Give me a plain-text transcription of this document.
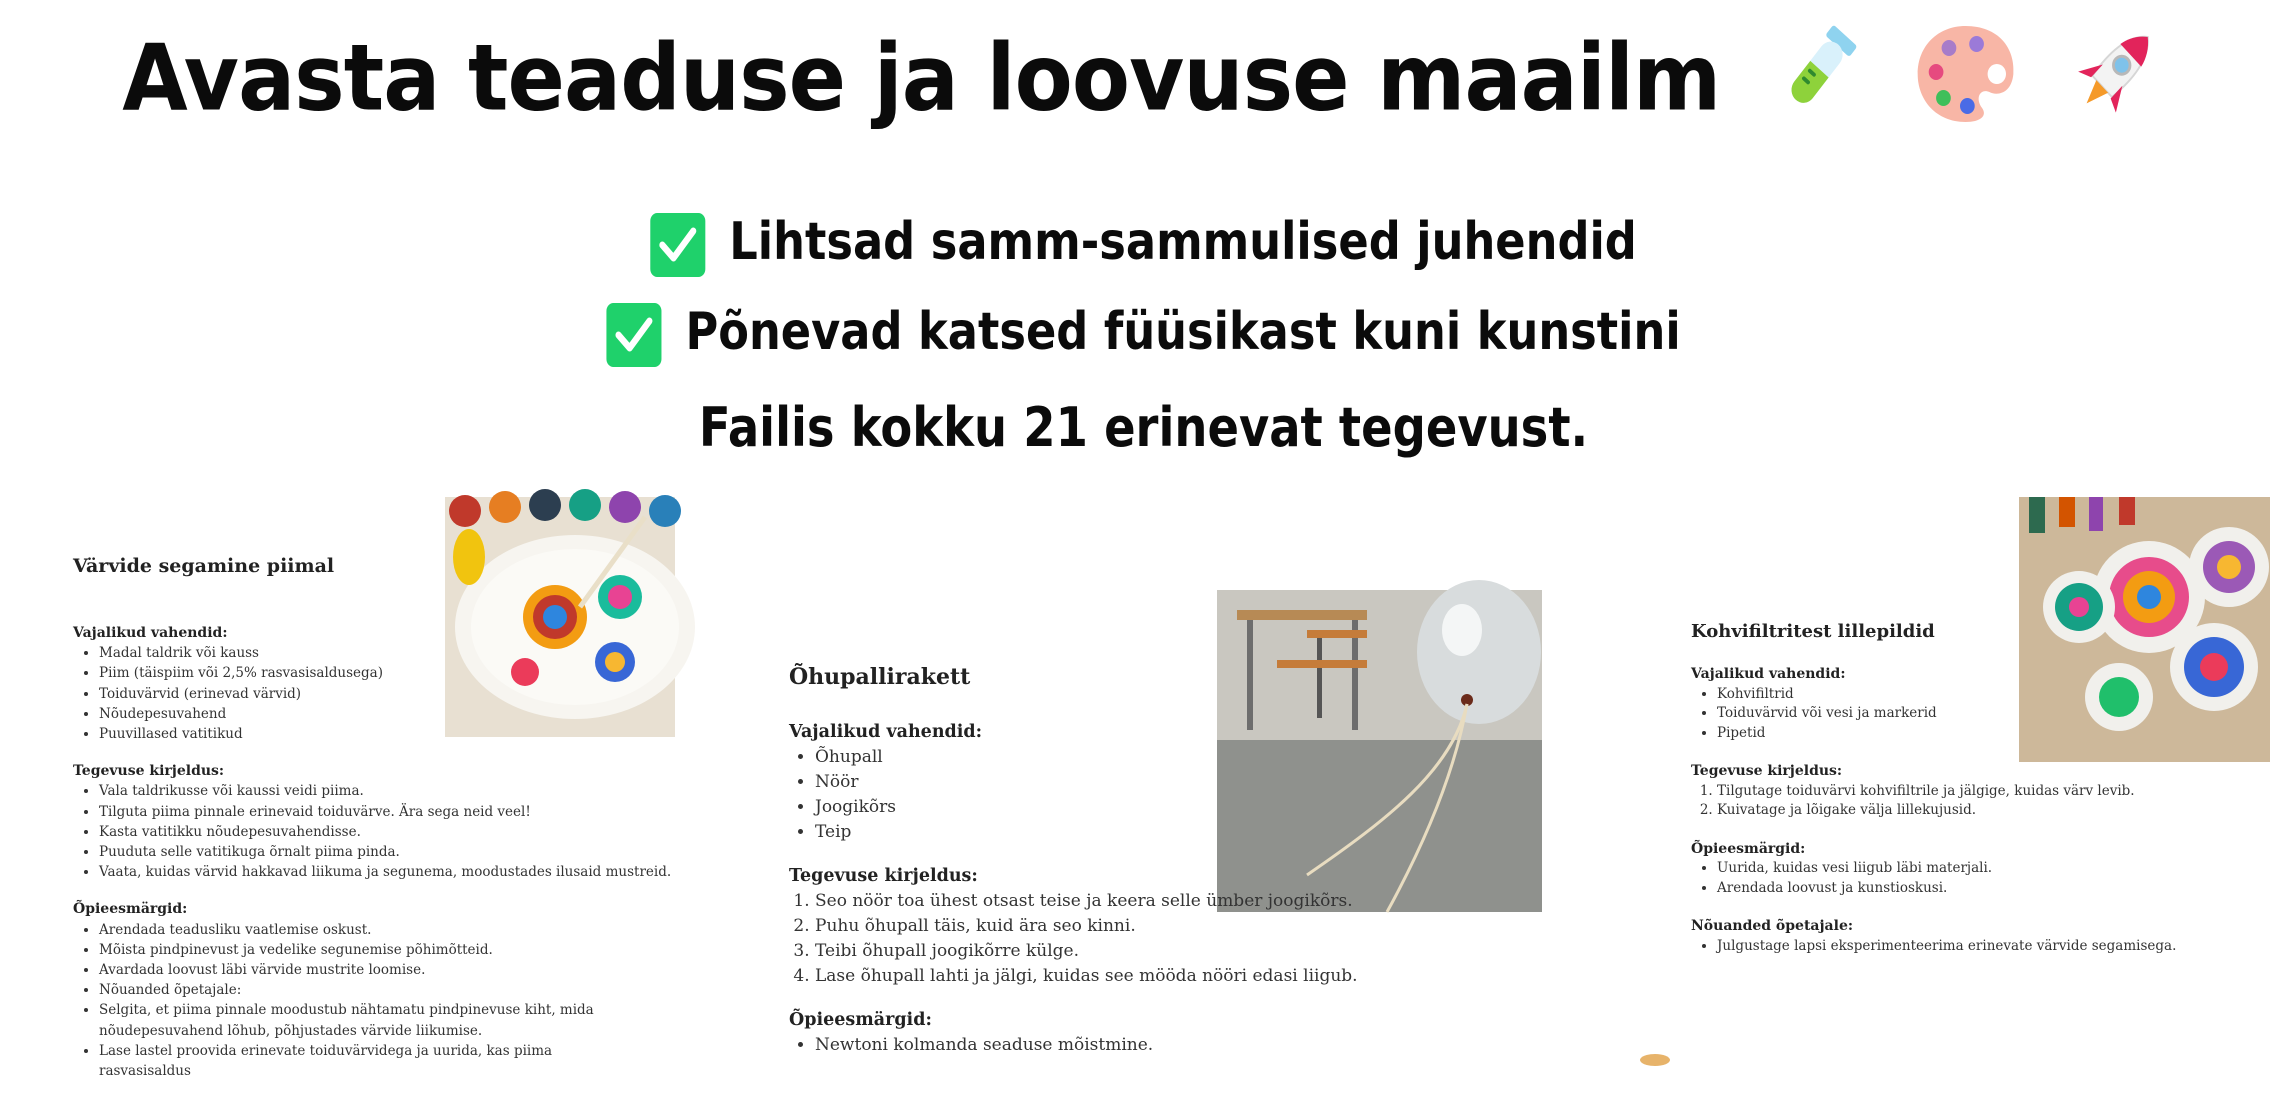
Avasta teaduse ja loovuse maailm
Lihtsad samm-sammulised juhendid
Põnevad katsed füüsikast kuni kunstini
Failis kokku 21 erinevat tegevust.
Värvide segamine piimal
Vajalikud vahendid:
• Madal taldrik või kauss
• Piim (täispiim või 2,5% rasvasisaldusega)
• Toiduvärvid (erinevad värvid)
• Nõudepesuvahend
• Puuvillased vatitikud
Tegevuse kirjeldus:
• Vala taldrikusse või kaussi veidi piima.
• Tilguta piima pinnale erinevaid toiduvärve. Ära sega neid veel!
• Kasta vatitikku nõudepesuvahendisse.
• Puuduta selle vatitikuga õrnalt piima pinda.
• Vaata, kuidas värvid hakkavad liikuma ja segunema, moodustades ilusaid mustreid.
Õpieesmärgid:
• Arendada teadusliku vaatlemise oskust.
• Mõista pindpinevust ja vedelike segunemise põhimõtteid.
• Avardada loovust läbi värvide mustrite loomise.
• Nõuanded õpetajale:
• Selgita, et piima pinnale moodustub nähtamatu pindpinevuse kiht, mida nõudepesuvahend lõhub, põhjustades värvide liikumise.
• Lase lastel proovida erinevate toiduvärvidega ja uurida, kas piima rasvasisaldus
Õhupallirakett
Vajalikud vahendid:
• Õhupall
• Nöör
• Joogikõrs
• Teip
Tegevuse kirjeldus:
1. Seo nöör toa ühest otsast teise ja keera selle ümber joogikõrs.
2. Puhu õhupall täis, kuid ära seo kinni.
3. Teibi õhupall joogikõrre külge.
4. Lase õhupall lahti ja jälgi, kuidas see mööda nööri edasi liigub.
Õpieesmärgid:
• Newtoni kolmanda seaduse mõistmine.
Kohvifiltritest lillepildid
Vajalikud vahendid:
• Kohvifiltrid
• Toiduvärvid või vesi ja markerid
• Pipetid
Tegevuse kirjeldus:
1. Tilgutage toiduvärvi kohvifiltrile ja jälgige, kuidas värv levib.
2. Kuivatage ja lõigake välja lillekujusid.
Õpieesmärgid:
• Uurida, kuidas vesi liigub läbi materjali.
• Arendada loovust ja kunstioskusi.
Nõuanded õpetajale:
• Julgustage lapsi eksperimenteerima erinevate värvide segamisega.
